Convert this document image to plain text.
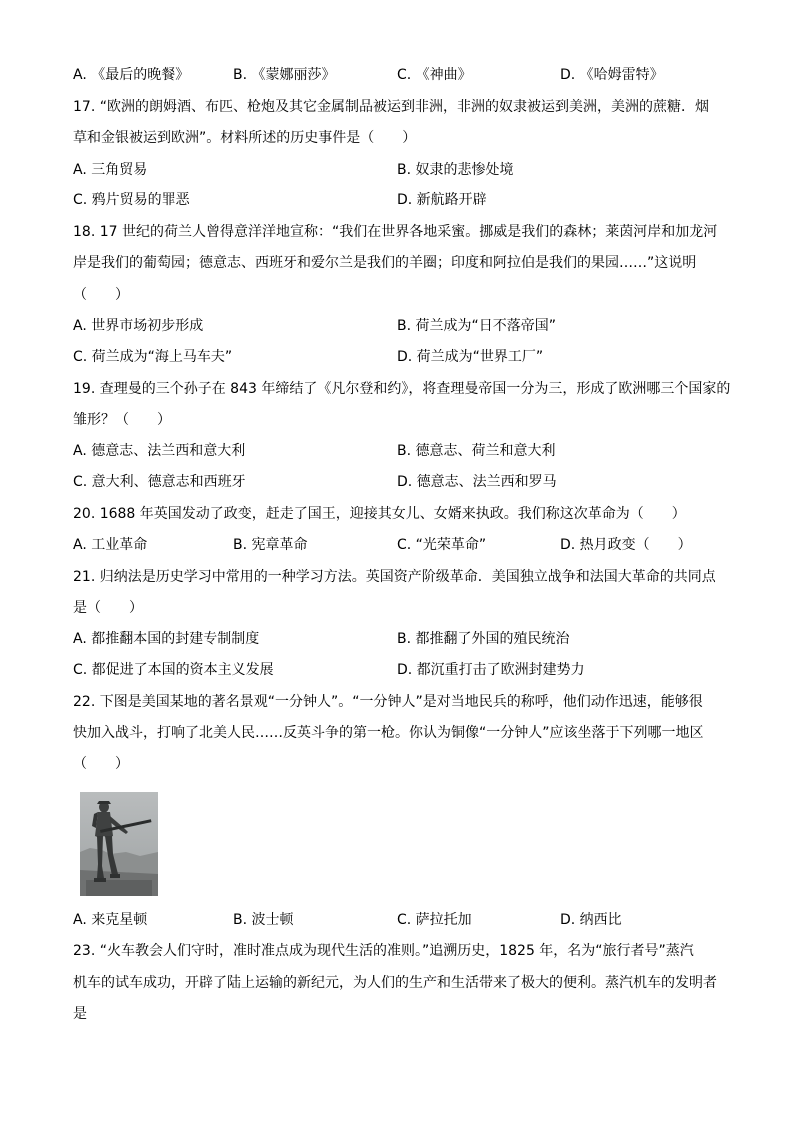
A. 《最后的晚餐》	B. 《蒙娜丽莎》	C. 《神曲》	D. 《哈姆雷特》
17. “欧洲的朗姆酒、布匹、枪炮及其它金属制品被运到非洲，非洲的奴隶被运到美洲，美洲的蔗糖．烟
草和金银被运到欧洲”。材料所述的历史事件是（　　）
A. 三角贸易	B. 奴隶的悲惨处境
C. 鸦片贸易的罪恶	D. 新航路开辟
18. 17 世纪的荷兰人曾得意洋洋地宣称：“我们在世界各地采蜜。挪威是我们的森林；莱茵河岸和加龙河
岸是我们的葡萄园；德意志、西班牙和爱尔兰是我们的羊圈；印度和阿拉伯是我们的果园……”这说明
（　　）
A. 世界市场初步形成	B. 荷兰成为“日不落帝国”
C. 荷兰成为“海上马车夫”	D. 荷兰成为“世界工厂”
19. 查理曼的三个孙子在 843 年缔结了《凡尔登和约》，将查理曼帝国一分为三，形成了欧洲哪三个国家的
雏形？（　　）
A. 德意志、法兰西和意大利	B. 德意志、荷兰和意大利
C. 意大利、德意志和西班牙	D. 德意志、法兰西和罗马
20. 1688 年英国发动了政变，赶走了国王，迎接其女儿、女婿来执政。我们称这次革命为（　　）
A. 工业革命	B. 宪章革命	C. “光荣革命”	D. 热月政变（　　）
21. 归纳法是历史学习中常用的一种学习方法。英国资产阶级革命．美国独立战争和法国大革命的共同点
是（　　）
A. 都推翻本国的封建专制制度	B. 都推翻了外国的殖民统治
C. 都促进了本国的资本主义发展	D. 都沉重打击了欧洲封建势力
22. 下图是美国某地的著名景观“一分钟人”。“一分钟人”是对当地民兵的称呼，他们动作迅速，能够很
快加入战斗，打响了北美人民……反英斗争的第一枪。你认为铜像“一分钟人”应该坐落于下列哪一地区
（　　）
A. 来克星顿	B. 波士顿	C. 萨拉托加	D. 纳西比
23. “火车教会人们守时，准时准点成为现代生活的准则。”追溯历史，1825 年，名为“旅行者号”蒸汽
机车的试车成功，开辟了陆上运输的新纪元，为人们的生产和生活带来了极大的便利。蒸汽机车的发明者
是
